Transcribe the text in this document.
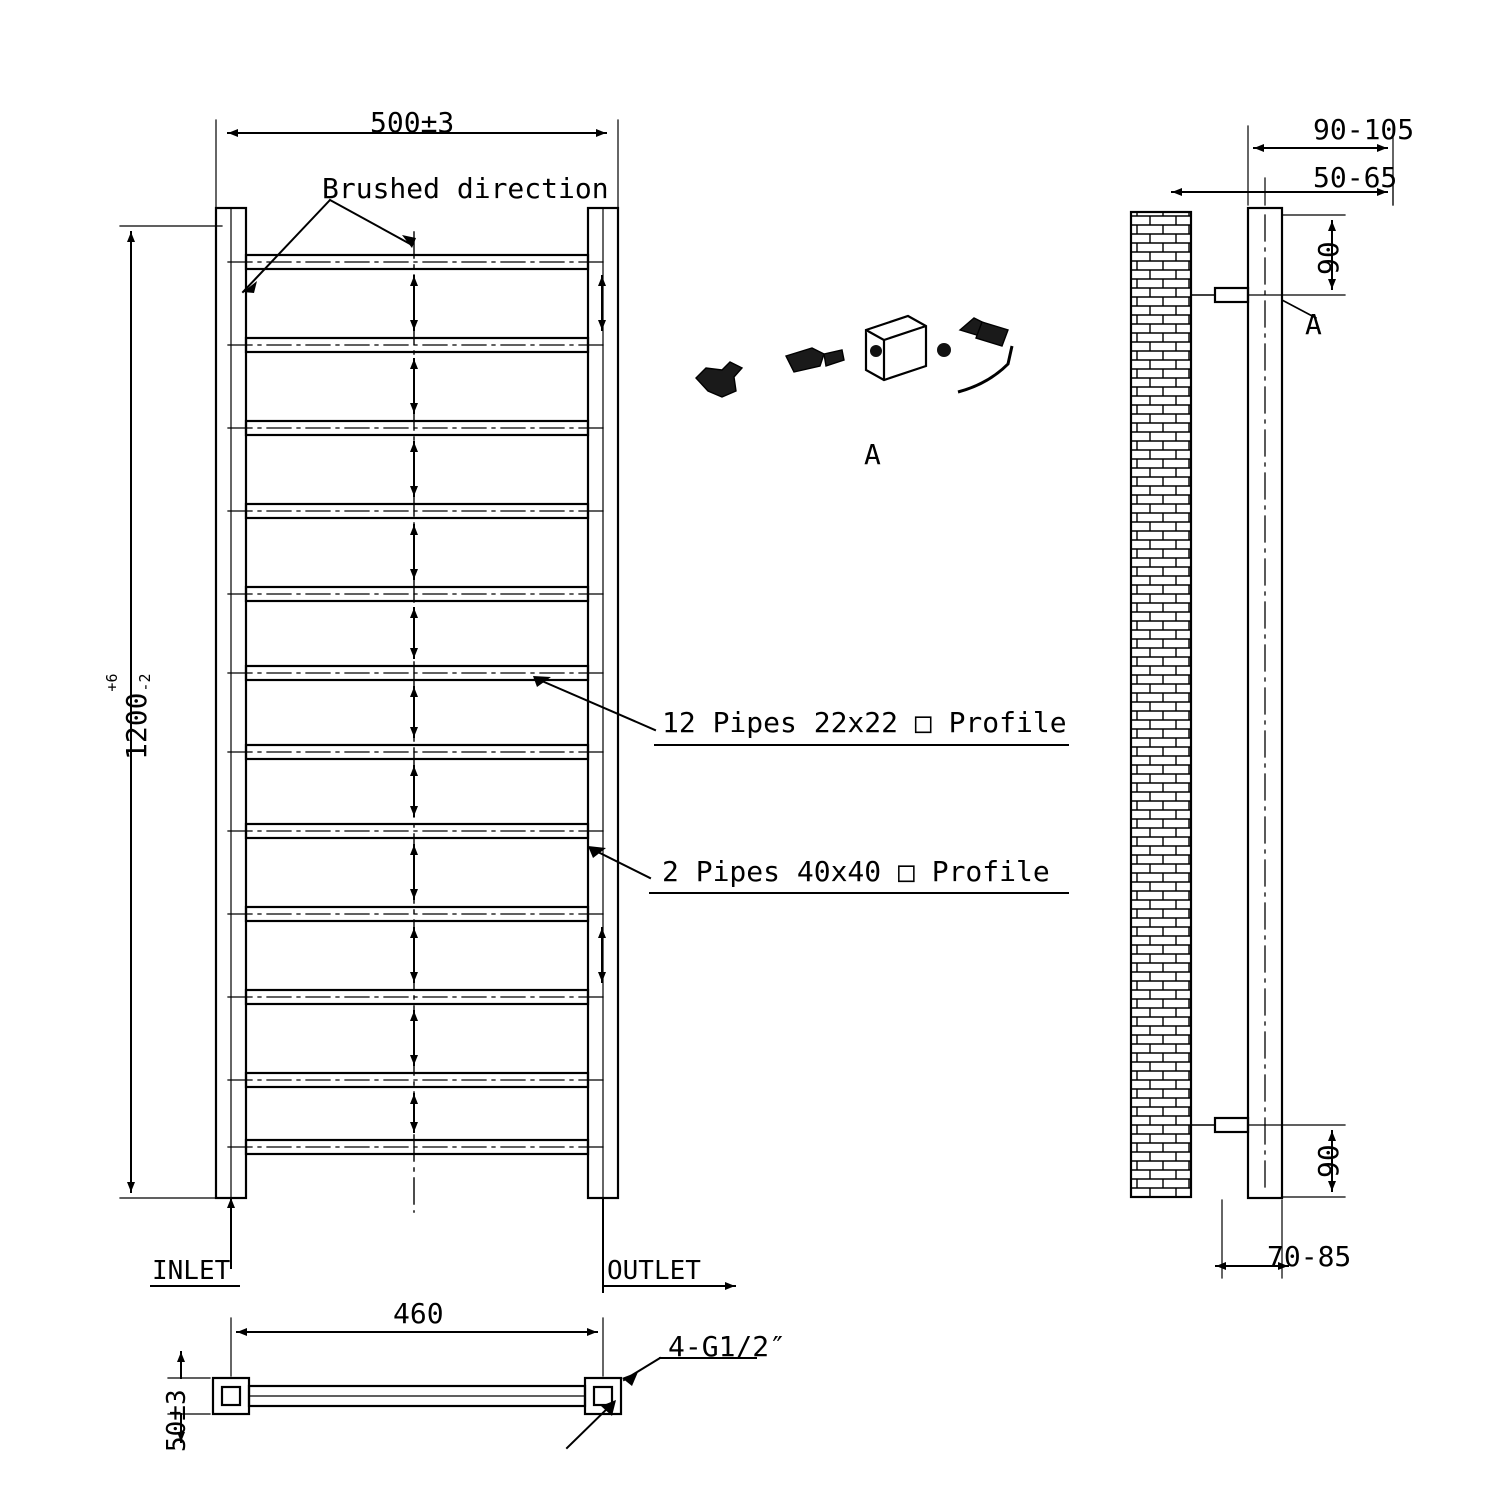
500±3
1200+6 -2
Brushed direction
12 Pipes 22x22 □ Profile
2 Pipes 40x40 □ Profile
INLET	OUTLET
460
50±3
4-G1/2″
A
A
90-105
50-65
90
90
70-85
